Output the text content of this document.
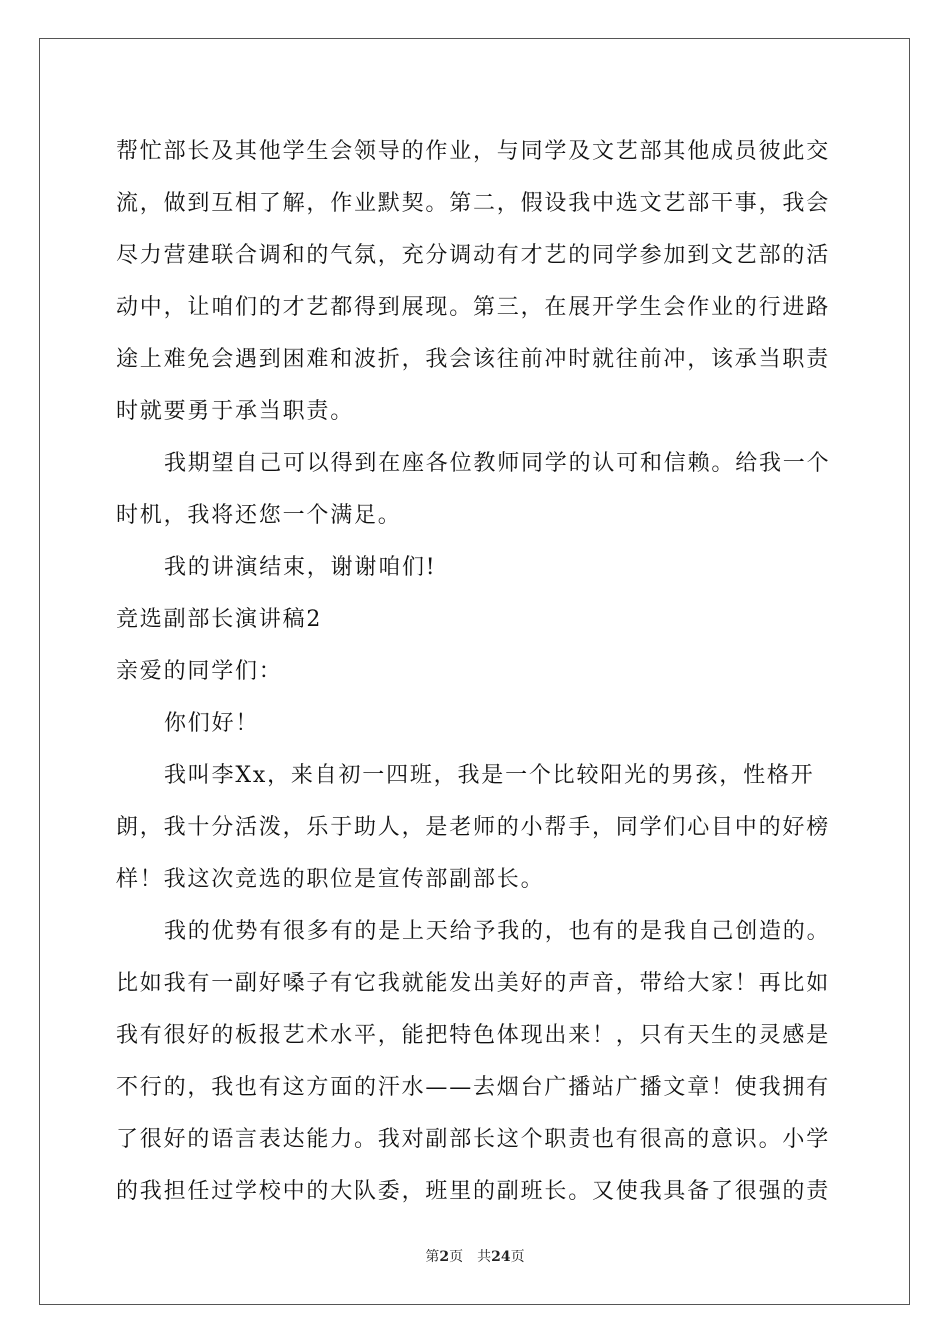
帮忙部长及其他学生会领导的作业，与同学及文艺部其他成员彼此交
流，做到互相了解，作业默契。第二，假设我中选文艺部干事，我会
尽力营建联合调和的气氛，充分调动有才艺的同学参加到文艺部的活
动中，让咱们的才艺都得到展现。第三，在展开学生会作业的行进路
途上难免会遇到困难和波折，我会该往前冲时就往前冲，该承当职责
时就要勇于承当职责。
我期望自己可以得到在座各位教师同学的认可和信赖。给我一个
时机，我将还您一个满足。
我的讲演结束，谢谢咱们!
竞选副部长演讲稿2
亲爱的同学们：
你们好！
我叫李Xx，来自初一四班，我是一个比较阳光的男孩，性格开
朗，我十分活泼，乐于助人，是老师的小帮手，同学们心目中的好榜
样！我这次竞选的职位是宣传部副部长。
我的优势有很多有的是上天给予我的，也有的是我自己创造的。
比如我有一副好嗓子有它我就能发出美好的声音，带给大家！再比如
我有很好的板报艺术水平，能把特色体现出来！，只有天生的灵感是
不行的，我也有这方面的汗水——去烟台广播站广播文章！使我拥有
了很好的语言表达能力。我对副部长这个职责也有很高的意识。小学
的我担任过学校中的大队委，班里的副班长。又使我具备了很强的责
第2页　共24页
